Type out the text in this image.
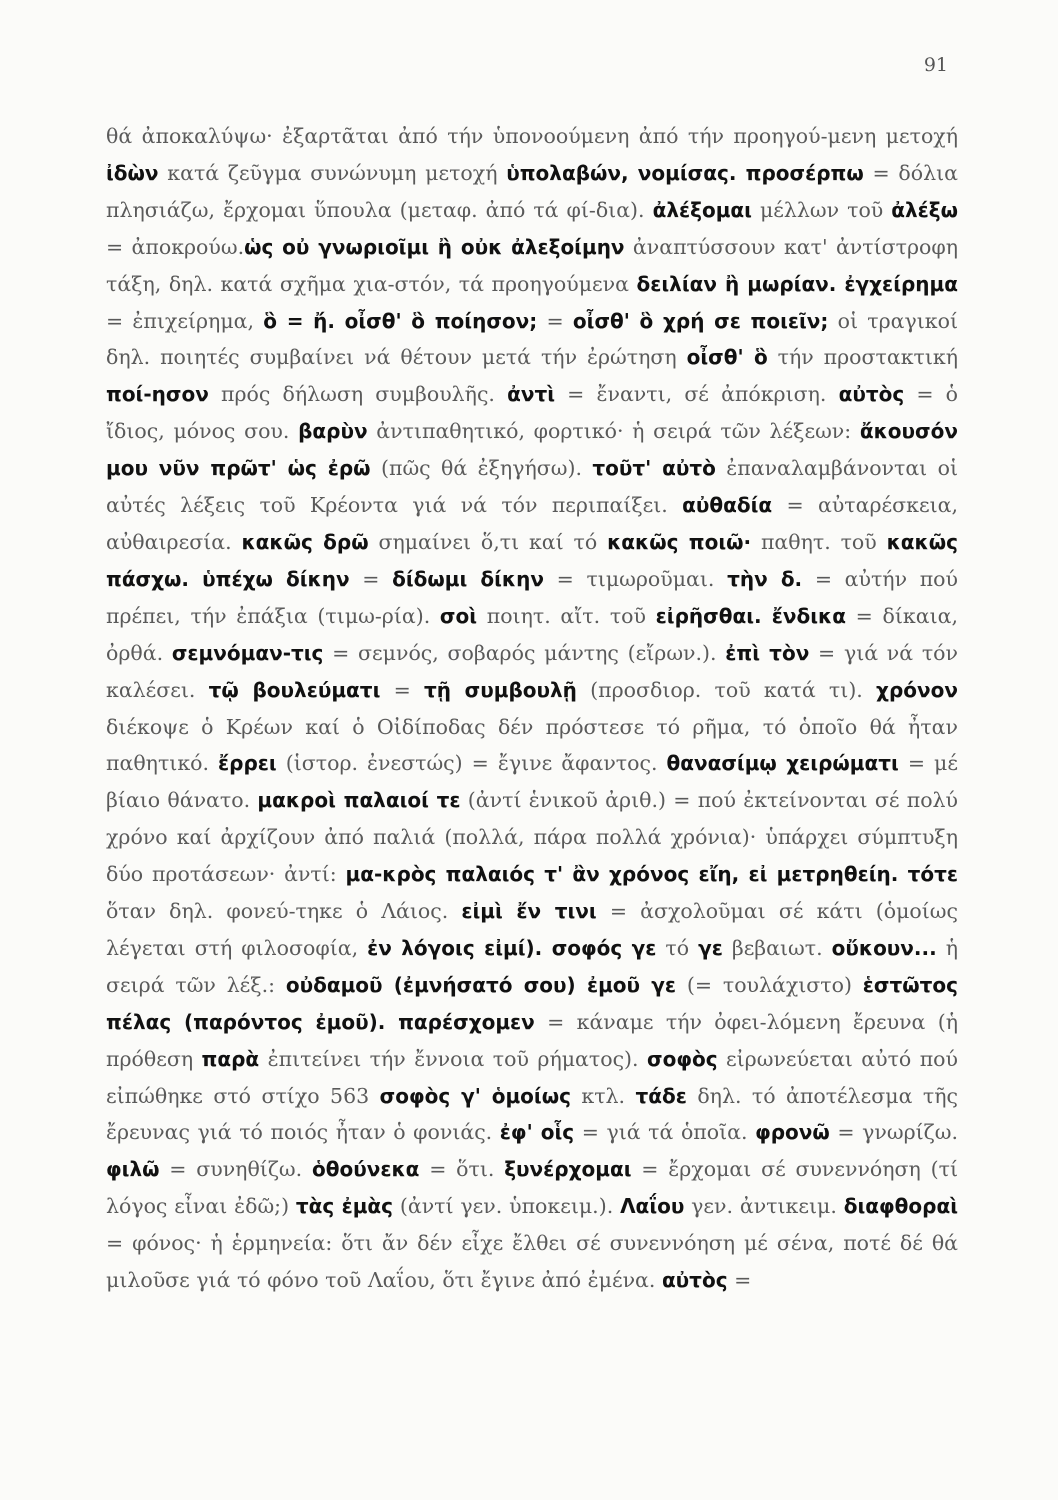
91
θά ἀποκαλύψω· ἐξαρτᾶται ἀπό τήν ὑπονοούμενη ἀπό τήν προηγού-μενη μετοχή ἰδὼν κατά ζεῦγμα συνώνυμη μετοχή ὑπολαβών, νομίσας. προσέρπω = δόλια πλησιάζω, ἔρχομαι ὕπουλα (μεταφ. ἀπό τά φί-δια). ἀλέξομαι μέλλων τοῦ ἀλέξω = ἀποκρούω.ὡς οὐ γνωριοῖμι ἢ οὐκ ἀλεξοίμην ἀναπτύσσουν κατ' ἀντίστροφη τάξη, δηλ. κατά σχῆμα χια-στόν, τά προηγούμενα δειλίαν ἢ μωρίαν. ἐγχείρημα = ἐπιχείρημα, ὃ = ἤ. οἶσθ' ὃ ποίησον; = οἶσθ' ὃ χρή σε ποιεῖν; οἱ τραγικοί δηλ. ποιητές συμβαίνει νά θέτουν μετά τήν ἐρώτηση οἶσθ' ὃ τήν προστακτική ποί-ησον πρός δήλωση συμβουλῆς. ἀντὶ = ἔναντι, σέ ἀπόκριση. αὐτὸς = ὁ ἴδιος, μόνος σου. βαρὺν ἀντιπαθητικό, φορτικό· ἡ σειρά τῶν λέξεων: ἄκουσόν μου νῦν πρῶτ' ὡς ἐρῶ (πῶς θά ἐξηγήσω). τοῦτ' αὐτὸ ἐπαναλαμβάνονται οἱ αὐτές λέξεις τοῦ Κρέοντα γιά νά τόν περιπαίξει. αὐθαδία = αὐταρέσκεια, αὐθαιρεσία. κακῶς δρῶ σημαίνει ὅ,τι καί τό κακῶς ποιῶ· παθητ. τοῦ κακῶς πάσχω. ὑπέχω δίκην = δίδωμι δίκην = τιμωροῦμαι. τὴν δ. = αὐτήν πού πρέπει, τήν ἐπάξια (τιμω-ρία). σοὶ ποιητ. αἴτ. τοῦ εἰρῆσθαι. ἔνδικα = δίκαια, ὀρθά. σεμνόμαν-τις = σεμνός, σοβαρός μάντης (εἴρων.). ἐπὶ τὸν = γιά νά τόν καλέσει. τῷ βουλεύματι = τῇ συμβουλῇ (προσδιορ. τοῦ κατά τι). χρόνον διέκοψε ὁ Κρέων καί ὁ Οἰδίποδας δέν πρόστεσε τό ρῆμα, τό ὁποῖο θά ἦταν παθητικό. ἔρρει (ἱστορ. ἐνεστώς) = ἔγινε ἄφαντος. θανασίμῳ χειρώματι = μέ βίαιο θάνατο. μακροὶ παλαιοί τε (ἀντί ἑνικοῦ ἀριθ.) = πού ἐκτείνονται σέ πολύ χρόνο καί ἀρχίζουν ἀπό παλιά (πολλά, πάρα πολλά χρόνια)· ὑπάρχει σύμπτυξη δύο προτάσεων· ἀντί: μα-κρὸς παλαιός τ' ἂν χρόνος εἴη, εἰ μετρηθείη. τότε ὅταν δηλ. φονεύ-τηκε ὁ Λάιος. εἰμὶ ἔν τινι = ἀσχολοῦμαι σέ κάτι (ὁμοίως λέγεται στή φιλοσοφία, ἐν λόγοις εἰμί). σοφός γε τό γε βεβαιωτ. οὔκουν... ἡ σειρά τῶν λέξ.: οὐδαμοῦ (ἐμνήσατό σου) ἐμοῦ γε (= τουλάχιστο) ἑστῶτος πέλας (παρόντος ἐμοῦ). παρέσχομεν = κάναμε τήν ὀφει-λόμενη ἔρευνα (ἡ πρόθεση παρὰ ἐπιτείνει τήν ἔννοια τοῦ ρήματος). σοφὸς εἰρωνεύεται αὐτό πού εἰπώθηκε στό στίχο 563 σοφὸς γ' ὁμοίως κτλ. τάδε δηλ. τό ἀποτέλεσμα τῆς ἔρευνας γιά τό ποιός ἦταν ὁ φονιάς. ἐφ' οἷς = γιά τά ὁποῖα. φρονῶ = γνωρίζω. φιλῶ = συνηθίζω. ὁθούνεκα = ὅτι. ξυνέρχομαι = ἔρχομαι σέ συνεννόηση (τί λόγος εἶναι ἐδῶ;) τὰς ἐμὰς (ἀντί γεν. ὑποκειμ.). Λαΐου γεν. ἀντικειμ. διαφθοραὶ = φόνος· ἡ ἑρμηνεία: ὅτι ἄν δέν εἶχε ἔλθει σέ συνεννόηση μέ σένα, ποτέ δέ θά μιλοῦσε γιά τό φόνο τοῦ Λαΐου, ὅτι ἔγινε ἀπό ἐμένα. αὐτὸς =
